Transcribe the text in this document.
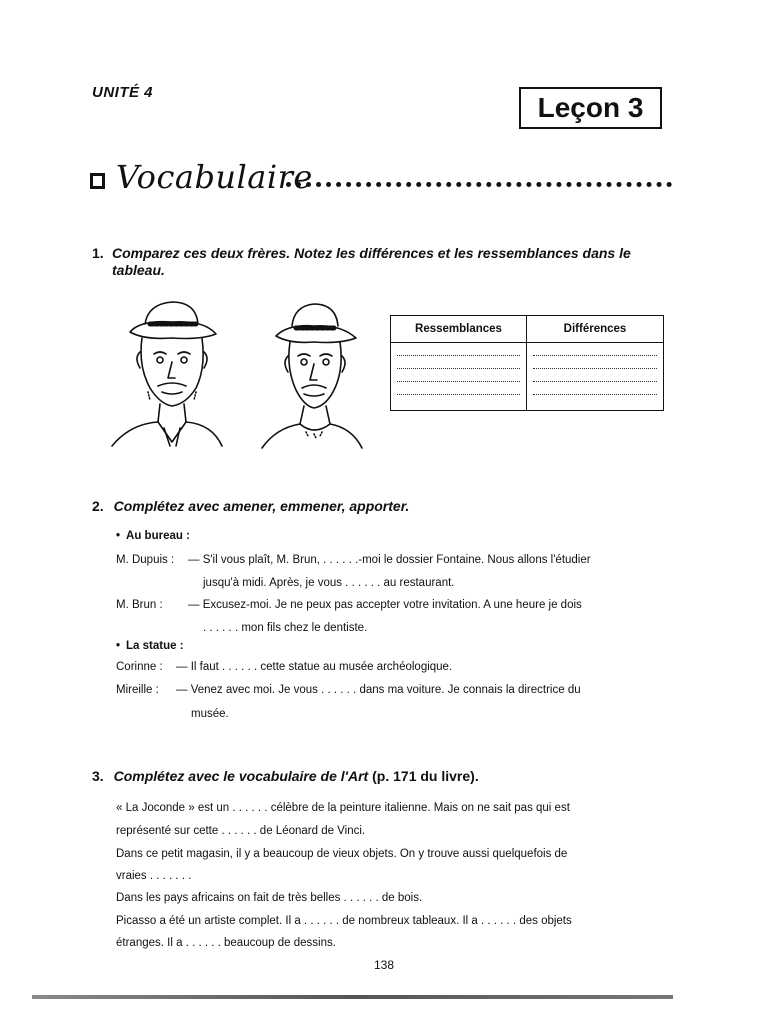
UNITÉ 4	Leçon 3
Vocabulaire
1. Comparez ces deux frères. Notez les différences et les ressemblances dans le tableau.
Ressemblances	Différences
2. Complétez avec amener, emmener, apporter.
• Au bureau :
M. Dupuis : — S'il vous plaît, M. Brun, . . . . . .-moi le dossier Fontaine. Nous allons l'étudier
jusqu'à midi. Après, je vous . . . . . . au restaurant.
M. Brun : — Excusez-moi. Je ne peux pas accepter votre invitation. A une heure je dois
. . . . . . mon fils chez le dentiste.
• La statue :
Corinne : — Il faut . . . . . . cette statue au musée archéologique.
Mireille : — Venez avec moi. Je vous . . . . . . dans ma voiture. Je connais la directrice du
musée.
3. Complétez avec le vocabulaire de l'Art (p. 171 du livre).
« La Joconde » est un . . . . . . célèbre de la peinture italienne. Mais on ne sait pas qui est
représenté sur cette . . . . . . de Léonard de Vinci.
Dans ce petit magasin, il y a beaucoup de vieux objets. On y trouve aussi quelquefois de
vraies . . . . . . .
Dans les pays africains on fait de très belles . . . . . . de bois.
Picasso a été un artiste complet. Il a . . . . . . de nombreux tableaux. Il a . . . . . . des objets
étranges. Il a . . . . . . beaucoup de dessins.
138
